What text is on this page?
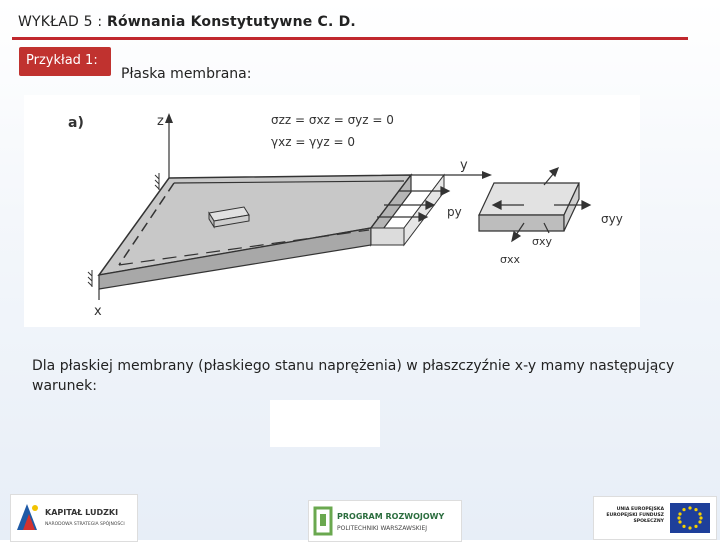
WYKŁAD 5 : Równania Konstytutywne C. D.
Przykład 1:
Płaska membrana:
a)	z	σzz = σxz = σyz = 0
γxz = γyz = 0
py
y
x
σyy
σxy
σxx
Dla płaskiej membrany (płaskiego stanu naprężenia) w płaszczyźnie x-y mamy następujący warunek:
KAPITAŁ LUDZKI
NARODOWA STRATEGIA SPÓJNOŚCI
PROGRAM ROZWOJOWY
POLITECHNIKI WARSZAWSKIEJ
UNIA EUROPEJSKA EUROPEJSKI FUNDUSZ SPOŁECZNY
